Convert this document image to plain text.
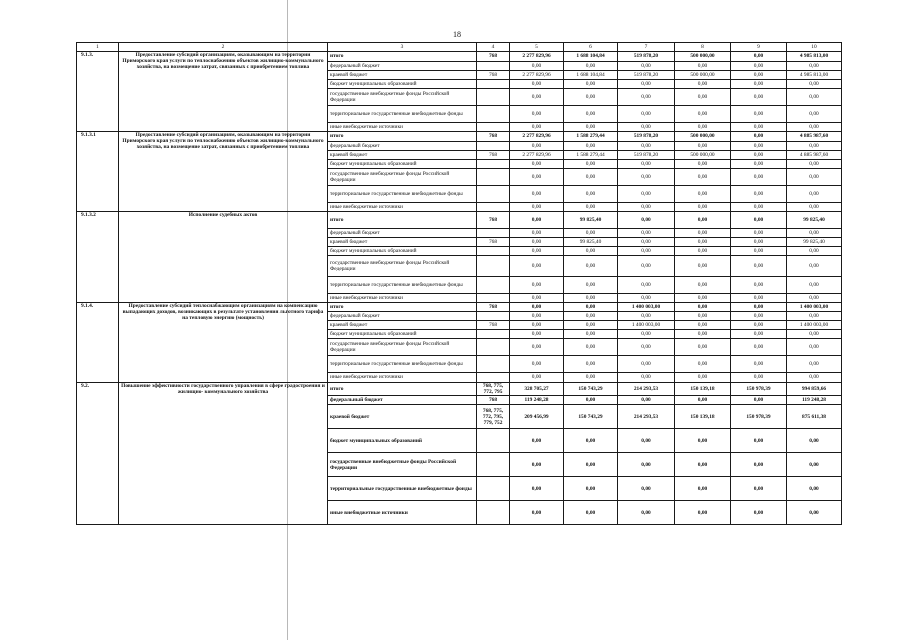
18
1	2	3	4	5	6	7	8	9	10
9.1.3.	Предоставление субсидий организациям, оказывающим на территории Приморского края услуги по теплоснабжению объектов жилищно-коммунального хозяйства, на возмещение затрат, связанных с приобретением топлива	итого	768	2 277 829,96	1 688 104,84	519 878,20	500 000,00	0,00	4 985 813,00
		федеральный бюджет		0,00	0,00	0,00	0,00	0,00	0,00
		краевой бюджет	768	2 277 829,96	1 688 104,84	519 878,20	500 000,00	0,00	4 985 813,00
		бюджет муниципальных образований		0,00	0,00	0,00	0,00	0,00	0,00
		государственные внебюджетные фонды Российской Федерации		0,00	0,00	0,00	0,00	0,00	0,00
		территориальные государственные внебюджетные фонды		0,00	0,00	0,00	0,00	0,00	0,00
		иные внебюджетные источники		0,00	0,00	0,00	0,00	0,00	0,00
9.1.3.1	Предоставление субсидий организациям, оказывающим на территории Приморского края услуги по теплоснабжению объектов жилищно-коммунального хозяйства, на возмещение затрат, связанных с приобретением топлива	итого	768	2 277 829,96	1 588 279,44	519 878,20	500 000,00	0,00	4 885 987,60
		федеральный бюджет		0,00	0,00	0,00	0,00	0,00	0,00
		краевой бюджет	768	2 277 829,96	1 588 279,44	519 878,20	500 000,00	0,00	4 885 987,60
		бюджет муниципальных образований		0,00	0,00	0,00	0,00	0,00	0,00
		государственные внебюджетные фонды Российской Федерации		0,00	0,00	0,00	0,00	0,00	0,00
		территориальные государственные внебюджетные фонды		0,00	0,00	0,00	0,00	0,00	0,00
		иные внебюджетные источники		0,00	0,00	0,00	0,00	0,00	0,00
9.1.3.2	Исполнение судебных актов	итого	768	0,00	99 825,40	0,00	0,00	0,00	99 825,40
		федеральный бюджет		0,00	0,00	0,00	0,00	0,00	0,00
		краевой бюджет	768	0,00	99 825,40	0,00	0,00	0,00	99 825,40
		бюджет муниципальных образований		0,00	0,00	0,00	0,00	0,00	0,00
		государственные внебюджетные фонды Российской Федерации		0,00	0,00	0,00	0,00	0,00	0,00
		территориальные государственные внебюджетные фонды		0,00	0,00	0,00	0,00	0,00	0,00
		иные внебюджетные источники		0,00	0,00	0,00	0,00	0,00	0,00
9.1.4.	Предоставление субсидий теплоснабжающим организациям на компенсацию выпадающих доходов, возникающих в результате установления льготного тарифа на тепловую энергию (мощность)	итого	768	0,00	0,00	1 400 003,00	0,00	0,00	1 400 003,00
		федеральный бюджет		0,00	0,00	0,00	0,00	0,00	0,00
		краевой бюджет	768	0,00	0,00	1 400 003,00	0,00	0,00	1 400 003,00
		бюджет муниципальных образований		0,00	0,00	0,00	0,00	0,00	0,00
		государственные внебюджетные фонды Российской Федерации		0,00	0,00	0,00	0,00	0,00	0,00
		территориальные государственные внебюджетные фонды		0,00	0,00	0,00	0,00	0,00	0,00
		иные внебюджетные источники		0,00	0,00	0,00	0,00	0,00	0,00
9.2.	Повышение эффективности государственного управления в сфере градостроения и жилищно- коммунального хозяйства	итого	768, 775, 772, 795	328 705,27	150 743,29	214 293,53	150 139,18	150 978,39	994 859,66
		федеральный бюджет	768	119 248,28	0,00	0,00	0,00	0,00	119 248,28
		краевой бюджет	768, 775, 772, 795, 779, 752	209 456,99	150 743,29	214 293,53	150 139,18	150 978,39	875 611,38
		бюджет муниципальных образований		0,00	0,00	0,00	0,00	0,00	0,00
		государственные внебюджетные фонды Российской Федерации		0,00	0,00	0,00	0,00	0,00	0,00
		территориальные государственные внебюджетные фонды		0,00	0,00	0,00	0,00	0,00	0,00
		иные внебюджетные источники		0,00	0,00	0,00	0,00	0,00	0,00
